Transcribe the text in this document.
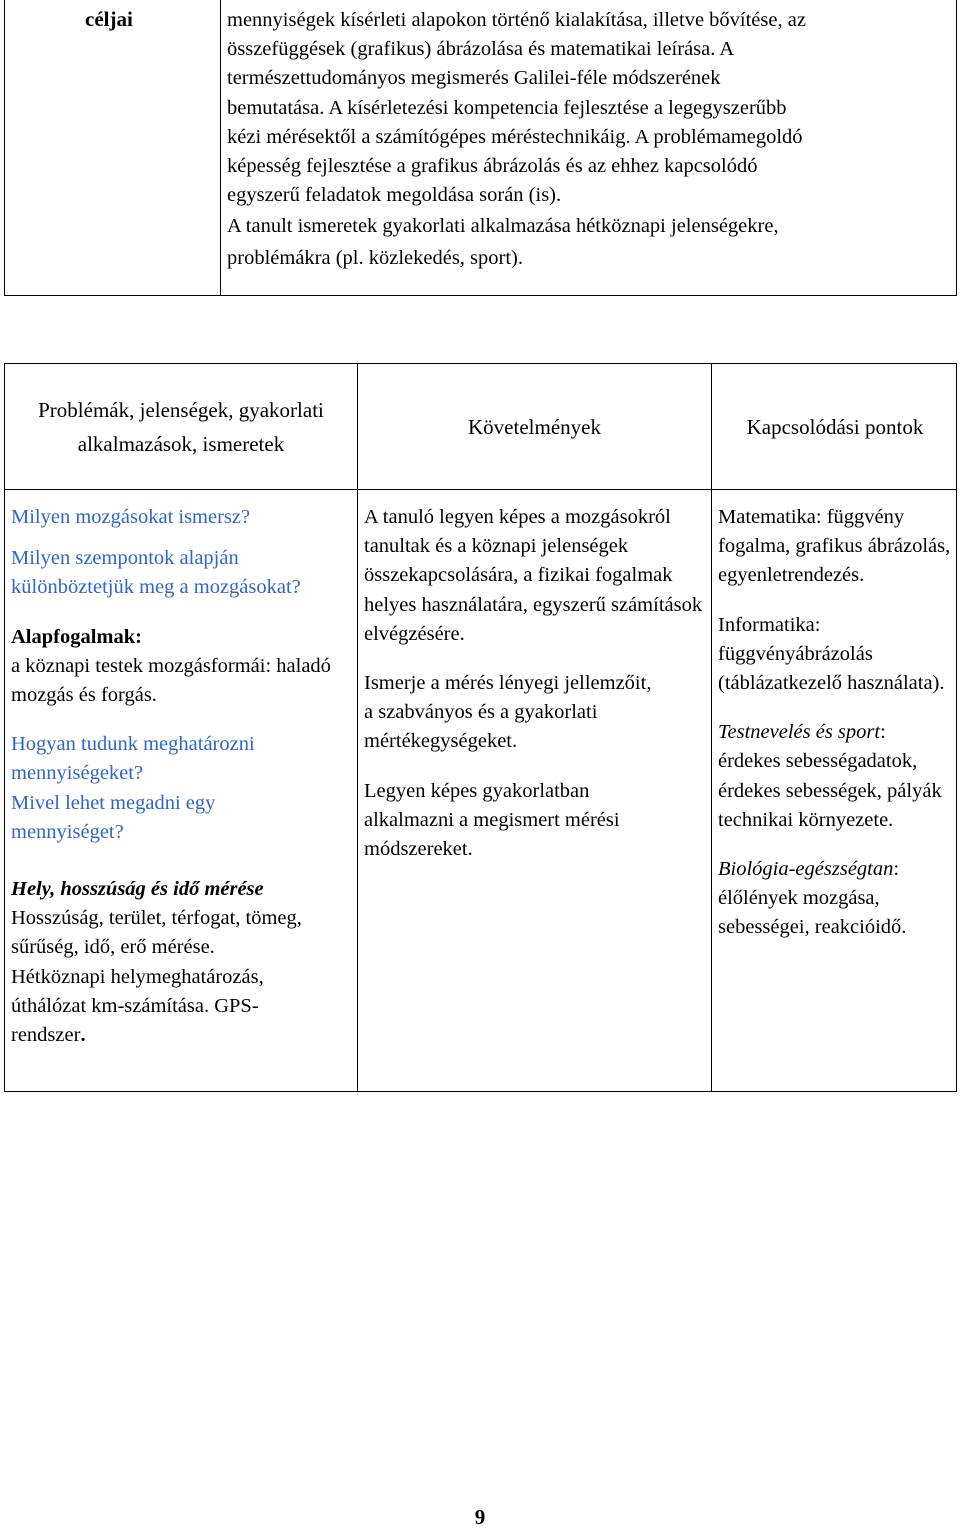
céljai	mennyiségek kísérleti alapokon történő kialakítása, illetve bővítése, az
összefüggések (grafikus) ábrázolása és matematikai leírása. A
természettudományos megismerés Galilei-féle módszerének
bemutatása. A kísérletezési kompetencia fejlesztése a legegyszerűbb
kézi mérésektől a számítógépes méréstechnikáig. A problémamegoldó
képesség fejlesztése a grafikus ábrázolás és az ehhez kapcsolódó
egyszerű feladatok megoldása során (is).
A tanult ismeretek gyakorlati alkalmazása hétköznapi jelenségekre,
problémákra (pl. közlekedés, sport).
Problémák, jelenségek, gyakorlati alkalmazások, ismeretek
Követelmények	Kapcsolódási pontok
Milyen mozgásokat ismersz?
Milyen szempontok alapján különböztetjük meg a mozgásokat?
Alapfogalmak:
a köznapi testek mozgásformái: haladó mozgás és forgás.
Hogyan tudunk meghatározni mennyiségeket?
Mivel lehet megadni egy mennyiséget?
Hely, hosszúság és idő mérése
Hosszúság, terület, térfogat, tömeg, sűrűség, idő, erő mérése.
Hétköznapi helymeghatározás, úthálózat km-számítása. GPS-rendszer.
A tanuló legyen képes a mozgásokról tanultak és a köznapi jelenségek összekapcsolására, a fizikai fogalmak helyes használatára, egyszerű számítások elvégzésére.
Ismerje a mérés lényegi jellemzőit, a szabványos és a gyakorlati mértékegységeket.
Legyen képes gyakorlatban alkalmazni a megismert mérési módszereket.
Matematika: függvény fogalma, grafikus ábrázolás, egyenletrendezés.
Informatika:
függvényábrázolás (táblázatkezelő használata).
Testnevelés és sport:
érdekes sebességadatok, érdekes sebességek, pályák technikai környezete.
Biológia-egészségtan:
élőlények mozgása, sebességei, reakcióidő.
9
